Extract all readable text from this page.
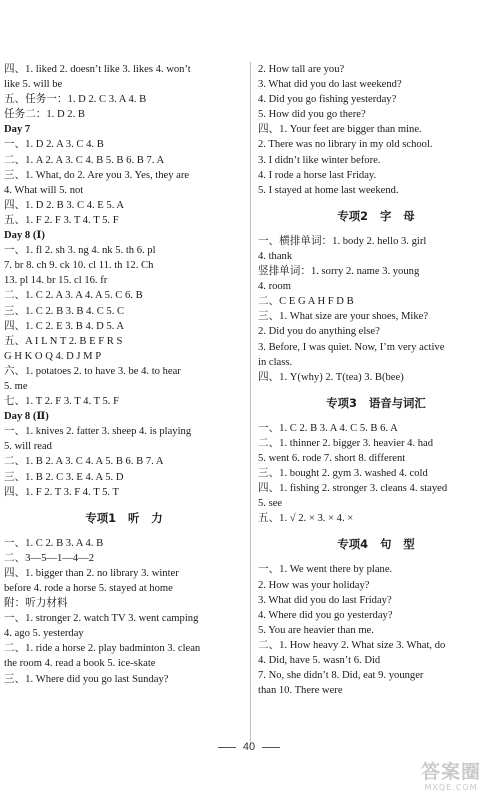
四、1. liked 2. doesn’t like 3. likes 4. won’t
like 5. will be
五、任务一：1. D 2. C 3. A 4. B
任务二：1. D 2. B
Day 7
一、1. D 2. A 3. C 4. B
二、1. A 2. A 3. C 4. B 5. B 6. B 7. A
三、1. What, do 2. Are you 3. Yes, they are
4. What will 5. not
四、1. D 2. B 3. C 4. E 5. A
五、1. F 2. F 3. T 4. T 5. F
Day 8 (Ⅰ)
一、1. fl 2. sh 3. ng 4. nk 5. th 6. pl
7. br 8. ch 9. ck 10. cl 11. th 12. Ch
13. pl 14. br 15. cl 16. fr
二、1. C 2. A 3. A 4. A 5. C 6. B
三、1. C 2. B 3. B 4. C 5. C
四、1. C 2. E 3. B 4. D 5. A
五、A I L N T 2. B E F R S
G H K O Q 4. D J M P
六、1. potatoes 2. to have 3. be 4. to hear
5. me
七、1. T 2. F 3. T 4. T 5. F
Day 8 (Ⅱ)
一、1. knives 2. fatter 3. sheep 4. is playing
5. will read
二、1. B 2. A 3. C 4. A 5. B 6. B 7. A
三、1. B 2. C 3. E 4. A 5. D
四、1. F 2. T 3. F 4. T 5. T
专项1   听   力
一、1. C 2. B 3. A 4. B
二、3—5—1—4—2
四、1. bigger than 2. no library 3. winter
before 4. rode a horse 5. stayed at home
附：听力材料
一、1. stronger 2. watch TV 3. went camping
4. ago 5. yesterday
二、1. ride a horse 2. play badminton 3. clean
the room 4. read a book 5. ice-skate
三、1. Where did you go last Sunday?
2. How tall are you?
3. What did you do last weekend?
4. Did you go fishing yesterday?
5. How did you go there?
四、1. Your feet are bigger than mine.
2. There was no library in my old school.
3. I didn’t like winter before.
4. I rode a horse last Friday.
5. I stayed at home last weekend.
专项2   字   母
一、横排单词：1. body 2. hello 3. girl
4. thank
竖排单词：1. sorry 2. name 3. young
4. room
二、C E G A H F D B
三、1. What size are your shoes, Mike?
2. Did you do anything else?
3. Before, I was quiet. Now, I’m very active
in class.
四、1. Y(why) 2. T(tea) 3. B(bee)
专项3   语音与词汇
一、1. C 2. B 3. A 4. C 5. B 6. A
二、1. thinner 2. bigger 3. heavier 4. had
5. went 6. rode 7. short 8. different
三、1. bought 2. gym 3. washed 4. cold
四、1. fishing 2. stronger 3. cleans 4. stayed
5. see
五、1. √ 2. × 3. × 4. ×
专项4   句   型
一、1. We went there by plane.
2. How was your holiday?
3. What did you do last Friday?
4. Where did you go yesterday?
5. You are heavier than me.
二、1. How heavy 2. What size 3. What, do
4. Did, have 5. wasn’t 6. Did
7. No, she didn’t 8. Did, eat 9. younger
than 10. There were
40
答案圈
MXQE.COM
